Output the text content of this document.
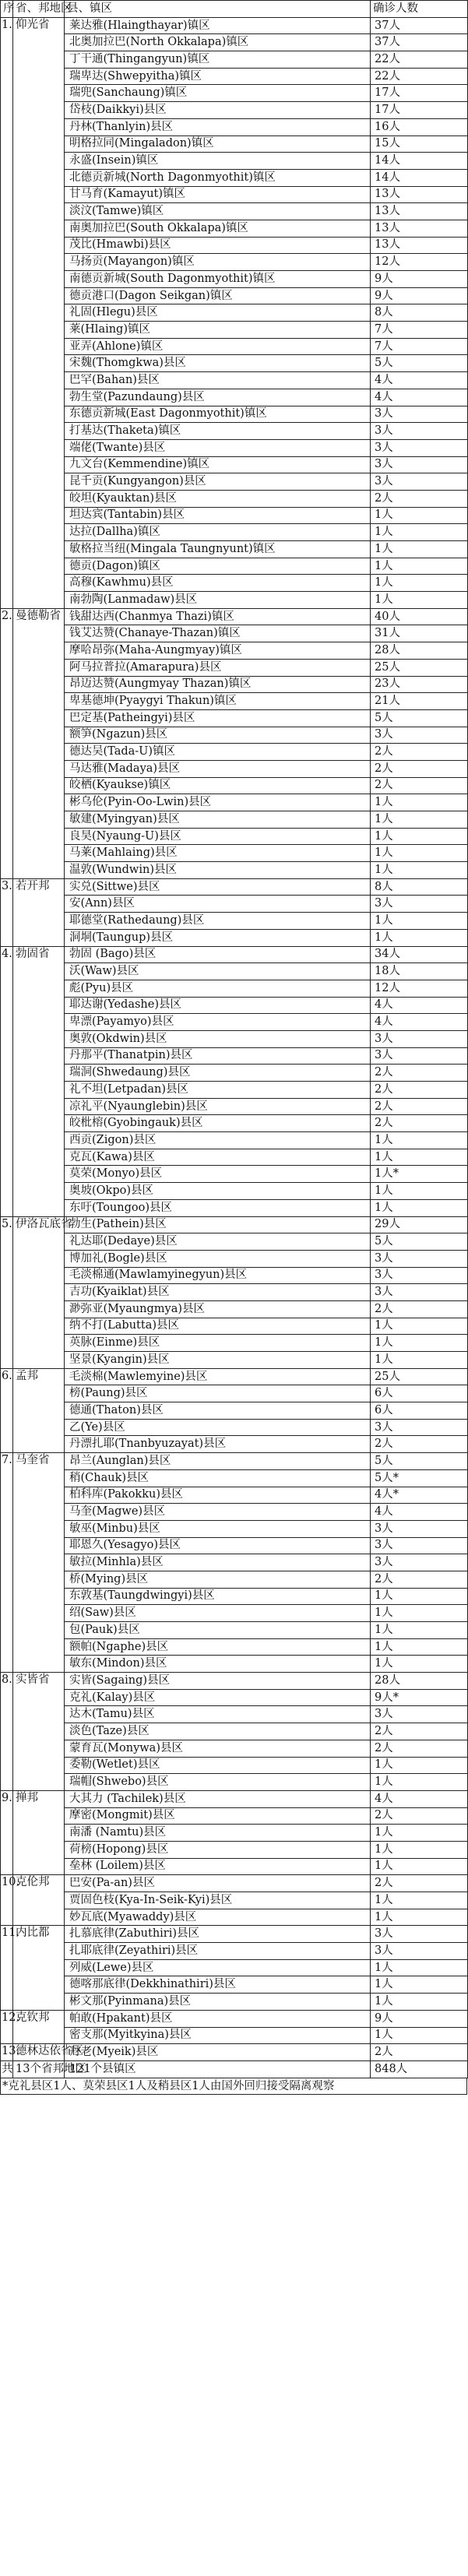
序	省、邦地区	县、镇区	确诊人数
1.	仰光省	莱达雅(Hlaingthayar)镇区	37人
		北奥加拉巴(North Okkalapa)镇区	37人
		丁干通(Thingangyun)镇区	22人
		瑞卑达(Shwepyitha)镇区	22人
		瑞兜(Sanchaung)镇区	17人
		岱枝(Daikkyi)县区	17人
		丹林(Thanlyin)县区	16人
		明格拉同(Mingaladon)镇区	15人
		永盛(Insein)镇区	14人
		北德贡新城(North Dagonmyothit)镇区	14人
		甘马育(Kamayut)镇区	13人
		淡汶(Tamwe)镇区	13人
		南奥加拉巴(South Okkalapa)镇区	13人
		茂比(Hmawbi)县区	13人
		马扬贡(Mayangon)镇区	12人
		南德贡新城(South Dagonmyothit)镇区	9人
		德贡港口(Dagon Seikgan)镇区	9人
		礼固(Hlegu)县区	8人
		莱(Hlaing)镇区	7人
		亚弄(Ahlone)镇区	7人
		宋魏(Thomgkwa)县区	5人
		巴罕(Bahan)县区	4人
		勃生堂(Pazundaung)县区	4人
		东德贡新城(East Dagonmyothit)镇区	3人
		打基达(Thaketa)镇区	3人
		端佬(Twante)县区	3人
		九文台(Kemmendine)镇区	3人
		昆千贡(Kungyangon)县区	3人
		皎坦(Kyauktan)县区	2人
		坦达宾(Tantabin)县区	1人
		达拉(Dallha)镇区	1人
		敏格拉当纽(Mingala Taungnyunt)镇区	1人
		德贡(Dagon)镇区	1人
		高穆(Kawhmu)县区	1人
		南勃陶(Lanmadaw)县区	1人
2.	曼德勒省	钱甜达西(Chanmya Thazi)镇区	40人
		钱艾达赞(Chanaye-Thazan)镇区	31人
		摩哈昂弥(Maha-Aungmyay)镇区	28人
		阿马拉普拉(Amarapura)县区	25人
		昂迈达赞(Aungmyay Thazan)镇区	23人
		卑基德坤(Pyaygyi Thakun)镇区	21人
		巴定基(Patheingyi)县区	5人
		额笋(Ngazun)县区	3人
		德达吴(Tada-U)镇区	2人
		马达雅(Madaya)县区	2人
		皎栖(Kyaukse)镇区	2人
		彬乌伦(Pyin-Oo-Lwin)县区	1人
		敏建(Myingyan)县区	1人
		良昊(Nyaung-U)县区	1人
		马莱(Mahlaing)县区	1人
		温敦(Wundwin)县区	1人
3.	若开邦	实兑(Sittwe)县区	8人
		安(Ann)县区	3人
		耶德堂(Rathedaung)县区	1人
		洞垌(Taungup)县区	1人
4.	勃固省	勃固 (Bago)县区	34人
		沃(Waw)县区	18人
		彪(Pyu)县区	12人
		耶达谢(Yedashe)县区	4人
		卑漂(Payamyo)县区	4人
		奥敦(Okdwin)县区	3人
		丹那平(Thanatpin)县区	3人
		瑞洞(Shwedaung)县区	2人
		礼不坦(Letpadan)县区	2人
		凉礼平(Nyaunglebin)县区	2人
		皎枇榕(Gyobingauk)县区	2人
		西贡(Zigon)县区	1人
		克瓦(Kawa)县区	1人
		莫荣(Monyo)县区	1人*
		奥坡(Okpo)县区	1人
		东吁(Toungoo)县区	1人
5.	伊洛瓦底省	勃生(Pathein)县区	29人
		礼达耶(Dedaye)县区	5人
		博加礼(Bogle)县区	3人
		毛淡棉通(Mawlamyinegyun)县区	3人
		吉功(Kyaiklat)县区	3人
		渺弥亚(Myaungmya)县区	2人
		纳不打(Labutta)县区	1人
		英脉(Einme)县区	1人
		坚景(Kyangin)县区	1人
6.	孟邦	毛淡棉(Mawlemyine)县区	25人
		榜(Paung)县区	6人
		德通(Thaton)县区	6人
		乙(Ye)县区	3人
		丹漂扎耶(Tnanbyuzayat)县区	2人
7.	马奎省	昂兰(Aunglan)县区	5人
		稍(Chauk)县区	5人*
		柏科库(Pakokku)县区	4人*
		马奎(Magwe)县区	4人
		敏巫(Minbu)县区	3人
		耶恩久(Yesagyo)县区	3人
		敏拉(Minhla)县区	3人
		桥(Mying)县区	2人
		东敦基(Taungdwingyi)县区	1人
		绍(Saw)县区	1人
		包(Pauk)县区	1人
		额帕(Ngaphe)县区	1人
		敏东(Mindon)县区	1人
8.	实皆省	实皆(Sagaing)县区	28人
		克礼(Kalay)县区	9人*
		达木(Tamu)县区	3人
		淡色(Taze)县区	2人
		蒙育瓦(Monywa)县区	2人
		委勒(Wetlet)县区	1人
		瑞帽(Shwebo)县区	1人
9.	掸邦	大其力 (Tachilek)县区	4人
		摩密(Mongmit)县区	2人
		南潘 (Namtu)县区	1人
		荷榜(Hopong)县区	1人
		垒林 (Loilem)县区	1人
10.	克伦邦	巴安(Pa-an)县区	2人
		贾固色枝(Kya-In-Seik-Kyi)县区	1人
		妙瓦底(Myawaddy)县区	1人
11.	内比都	扎慕底律(Zabuthiri)县区	3人
		扎耶底律(Zeyathiri)县区	3人
		列威(Lewe)县区	1人
		德喀那底律(Dekkhinathiri)县区	1人
		彬文那(Pyinmana)县区	1人
12.	克钦邦	帕敢(Hpakant)县区	9人
		密支那(Myitkyina)县区	1人
13.	德林达依省区	丹老(Myeik)县区	2人
共	13个省邦地区	121个县镇区	848人
*克礼县区1人、莫荣县区1人及稍县区1人由国外回归接受隔离观察
